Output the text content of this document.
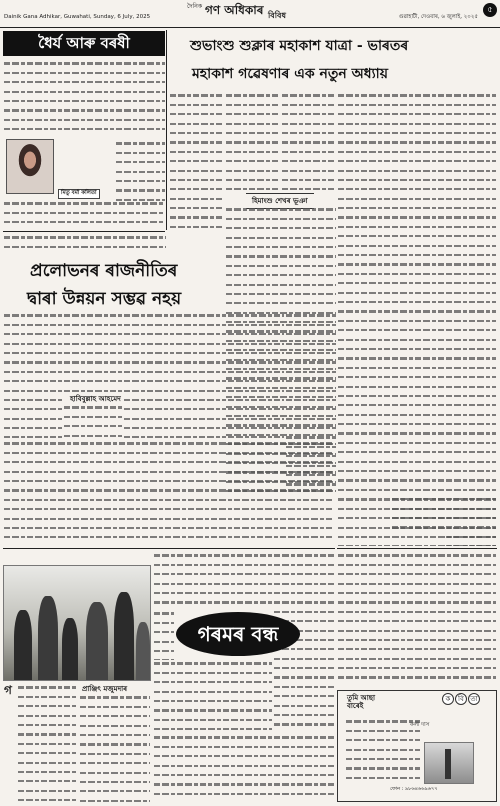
Dainik Gana Adhikar, Guwahati, Sunday, 6 July, 2025
দৈনিক গণ অধিকাৰ বিবিধ	গুৱাহাটী, দেওবাৰ, ৬ জুলাই, ২০২৫
৫
ধৈৰ্য আৰু বৰষী
মিতু বৰ্মা কলিতা
শুভাংশু শুক্লাৰ মহাকাশ যাত্ৰা - ভাৰতৰ
মহাকাশ গৱেষণাৰ এক নতুন অধ্যায়
হিমাংশু শেখৰ ভূঞা
প্ৰলোভনৰ ৰাজনীতিৰ
দ্বাৰা উন্নয়ন সম্ভৱ নহয়
হাবিবুল্লাহ আহমেদ
গৰমৰ বন্ধ
গ	প্ৰাঞ্জিৎ মজুমদাৰ
তুমি আছা
বাৰেই
ক	বি তা
কলী দাস
ফোন : ৯৮৬৪৬৬৯৬৭৭
